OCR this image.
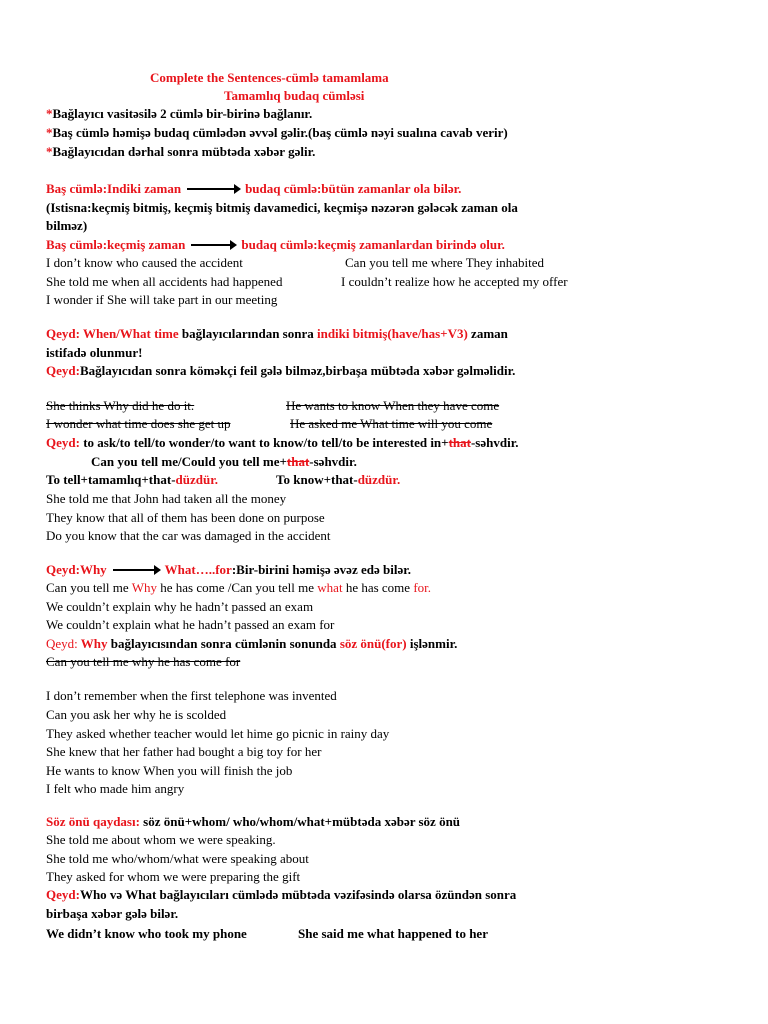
Complete the Sentences-cümlə tamamlama
Tamamlıq budaq cümləsi
*Bağlayıcı vasitəsilə 2 cümlə bir-birinə bağlanır.
*Baş cümlə həmişə budaq cümlədən əvvəl gəlir.(baş cümlə nəyi sualına cavab verir)
*Bağlayıcıdan dərhal sonra mübtəda xəbər gəlir.
Baş cümlə:Indiki zaman	budaq cümlə:bütün zamanlar ola bilər.
(Istisna:keçmiş bitmiş, keçmiş bitmiş davamedici, keçmişə nəzərən gələcək zaman ola
bilməz)
Baş cümlə:keçmiş zaman	budaq cümlə:keçmiş zamanlardan birində olur.
I don’t know who caused the accident	Can you tell me where They inhabited
She told me when all accidents had happened	I couldn’t realize how he accepted my offer
I wonder if She will take part in our meeting
Qeyd: When/What time bağlayıcılarından sonra indiki bitmiş(have/has+V3) zaman
istifadə olunmur!
Qeyd:Bağlayıcıdan sonra köməkçi feil gələ bilməz,birbaşa mübtəda xəbər gəlməlidir.
She thinks Why did he do it.	He wants to know When they have come
I wonder what time does she get up	He asked me What time will you come
Qeyd: to ask/to tell/to wonder/to want to know/to tell/to be interested in+that-səhvdir.
Can you tell me/Could you tell me+that-səhvdir.
To tell+tamamlıq+that-düzdür.	To know+that-düzdür.
She told me that John had taken all the money
They know that all of them has been done on purpose
Do you know that the car was damaged in the accident
Qeyd:Why	What…..for:Bir-birini həmişə əvəz edə bilər.
Can you tell me Why he has come /Can you tell me what he has come for.
We couldn’t explain why he hadn’t passed an exam
We couldn’t explain what he hadn’t passed an exam for
Qeyd: Why bağlayıcısından sonra cümlənin sonunda söz önü(for) işlənmir.
Can you tell me why he has come for
I don’t remember when the first telephone was invented
Can you ask her why he is scolded
They asked whether teacher would let hime go picnic in rainy day
She knew that her father had bought a big toy for her
He wants to know When you will finish the job
I felt who made him angry
Söz önü qaydası: söz önü+whom/ who/whom/what+mübtəda xəbər söz önü
She told me about whom we were speaking.
She told me who/whom/what were speaking about
They asked for whom we were preparing the gift
Qeyd:Who və What bağlayıcıları cümlədə mübtəda vəzifəsində olarsa özündən sonra
birbaşa xəbər gələ bilər.
We didn’t know who took my phone	She said me what happened to her
